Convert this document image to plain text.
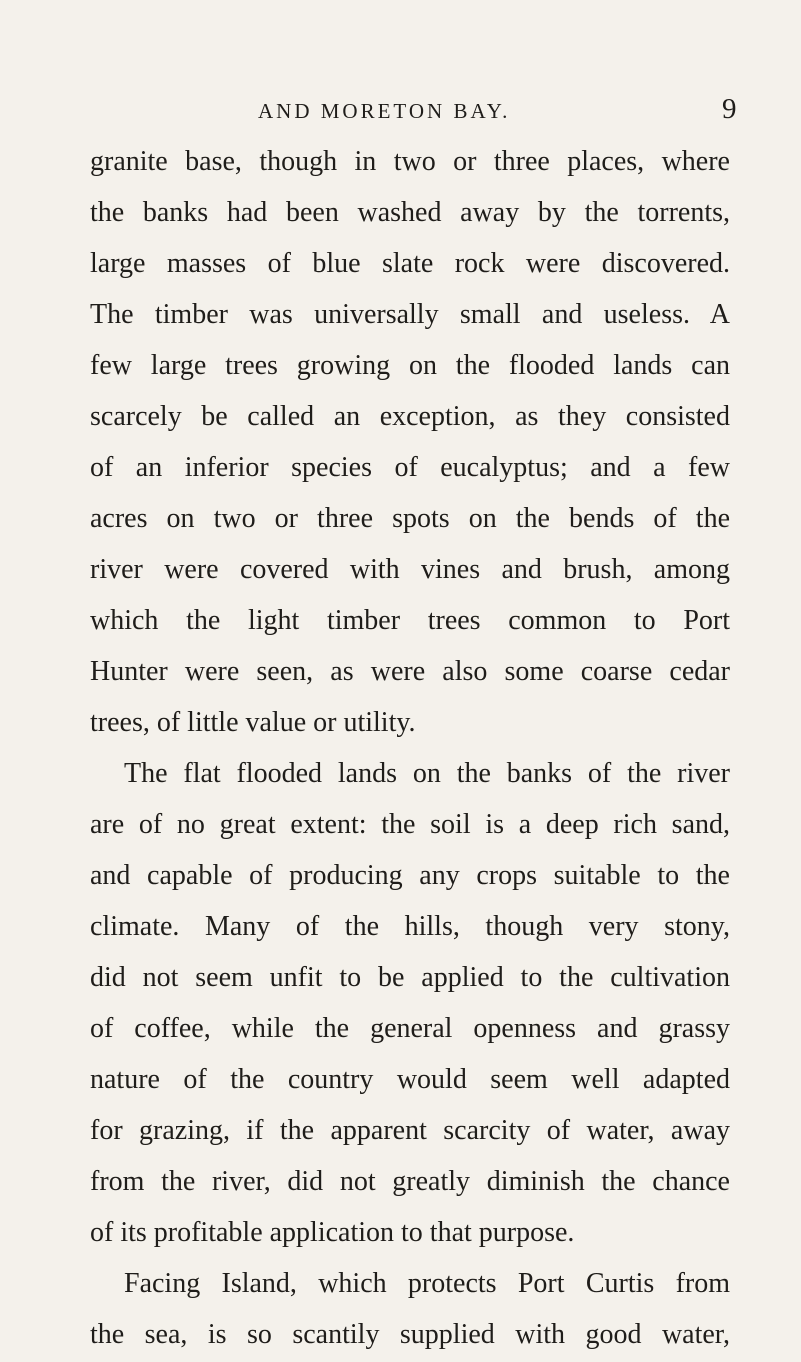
AND MORETON BAY.	9
granite base, though in two or three places, where
the banks had been washed away by the torrents,
large masses of blue slate rock were discovered.
The timber was universally small and useless. A
few large trees growing on the flooded lands can
scarcely be called an exception, as they consisted
of an inferior species of eucalyptus; and a few
acres on two or three spots on the bends of the
river were covered with vines and brush, among
which the light timber trees common to Port
Hunter were seen, as were also some coarse cedar
trees, of little value or utility.
The flat flooded lands on the banks of the river
are of no great extent: the soil is a deep rich sand,
and capable of producing any crops suitable to the
climate. Many of the hills, though very stony,
did not seem unfit to be applied to the cultivation
of coffee, while the general openness and grassy
nature of the country would seem well adapted
for grazing, if the apparent scarcity of water, away
from the river, did not greatly diminish the chance
of its profitable application to that purpose.
Facing Island, which protects Port Curtis from
the sea, is so scantily supplied with good water,
